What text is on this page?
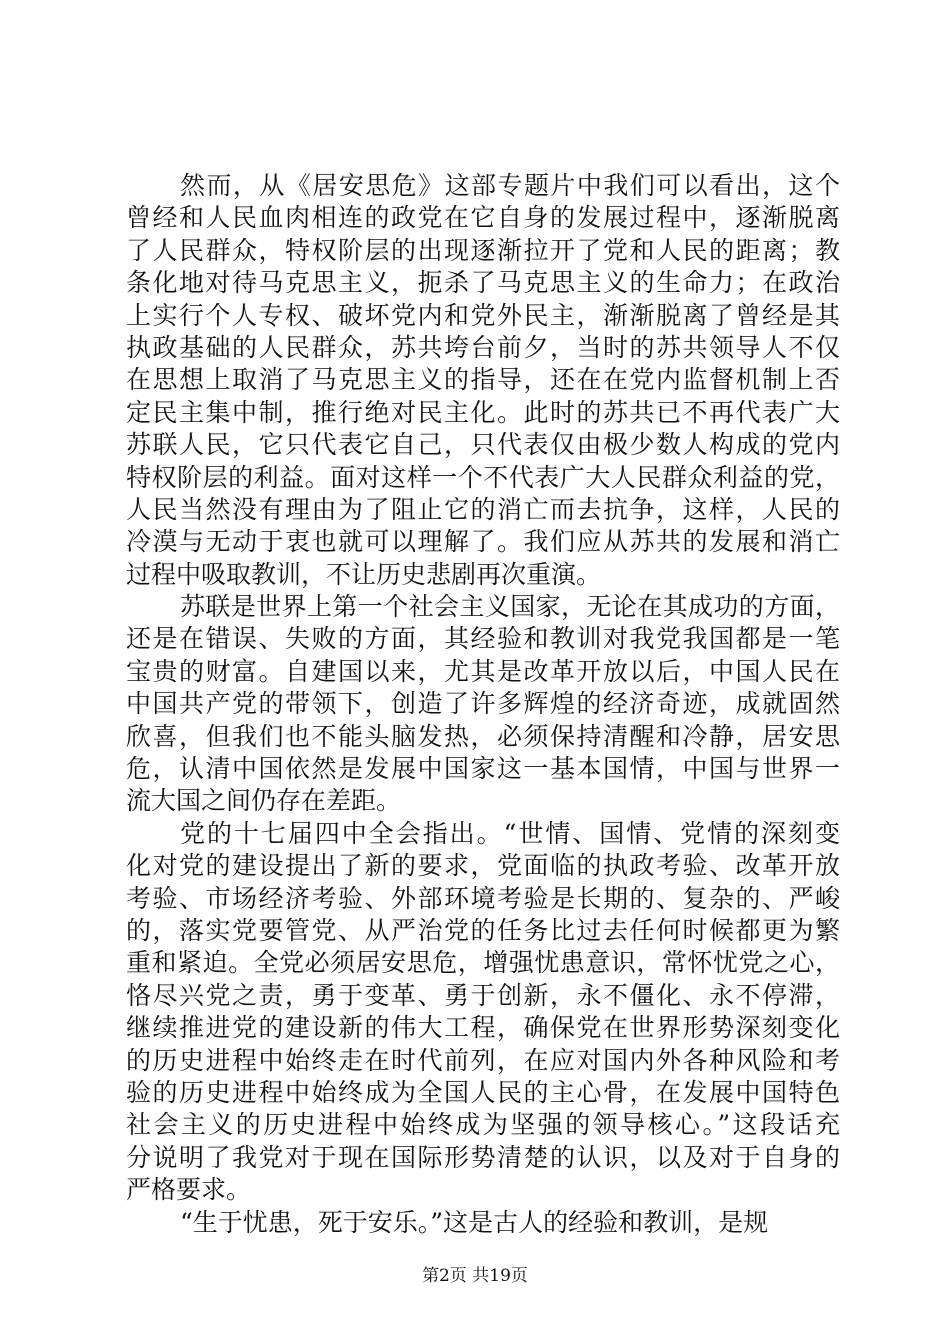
然而，从《居安思危》这部专题片中我们可以看出，这个
曾经和人民血肉相连的政党在它自身的发展过程中，逐渐脱离
了人民群众，特权阶层的出现逐渐拉开了党和人民的距离；教
条化地对待马克思主义，扼杀了马克思主义的生命力；在政治
上实行个人专权、破坏党内和党外民主，渐渐脱离了曾经是其
执政基础的人民群众，苏共垮台前夕，当时的苏共领导人不仅
在思想上取消了马克思主义的指导，还在在党内监督机制上否
定民主集中制，推行绝对民主化。此时的苏共已不再代表广大
苏联人民，它只代表它自己，只代表仅由极少数人构成的党内
特权阶层的利益。面对这样一个不代表广大人民群众利益的党，
人民当然没有理由为了阻止它的消亡而去抗争，这样，人民的
冷漠与无动于衷也就可以理解了。我们应从苏共的发展和消亡
过程中吸取教训，不让历史悲剧再次重演。
苏联是世界上第一个社会主义国家，无论在其成功的方面，
还是在错误、失败的方面，其经验和教训对我党我国都是一笔
宝贵的财富。自建国以来，尤其是改革开放以后，中国人民在
中国共产党的带领下，创造了许多辉煌的经济奇迹，成就固然
欣喜，但我们也不能头脑发热，必须保持清醒和冷静，居安思
危，认清中国依然是发展中国家这一基本国情，中国与世界一
流大国之间仍存在差距。
党的十七届四中全会指出。“世情、国情、党情的深刻变
化对党的建设提出了新的要求，党面临的执政考验、改革开放
考验、市场经济考验、外部环境考验是长期的、复杂的、严峻
的，落实党要管党、从严治党的任务比过去任何时候都更为繁
重和紧迫。全党必须居安思危，增强忧患意识，常怀忧党之心，
恪尽兴党之责，勇于变革、勇于创新，永不僵化、永不停滞，
继续推进党的建设新的伟大工程，确保党在世界形势深刻变化
的历史进程中始终走在时代前列，在应对国内外各种风险和考
验的历史进程中始终成为全国人民的主心骨，在发展中国特色
社会主义的历史进程中始终成为坚强的领导核心。”这段话充
分说明了我党对于现在国际形势清楚的认识，以及对于自身的
严格要求。
“生于忧患，死于安乐。”这是古人的经验和教训，是规
第2页 共19页
